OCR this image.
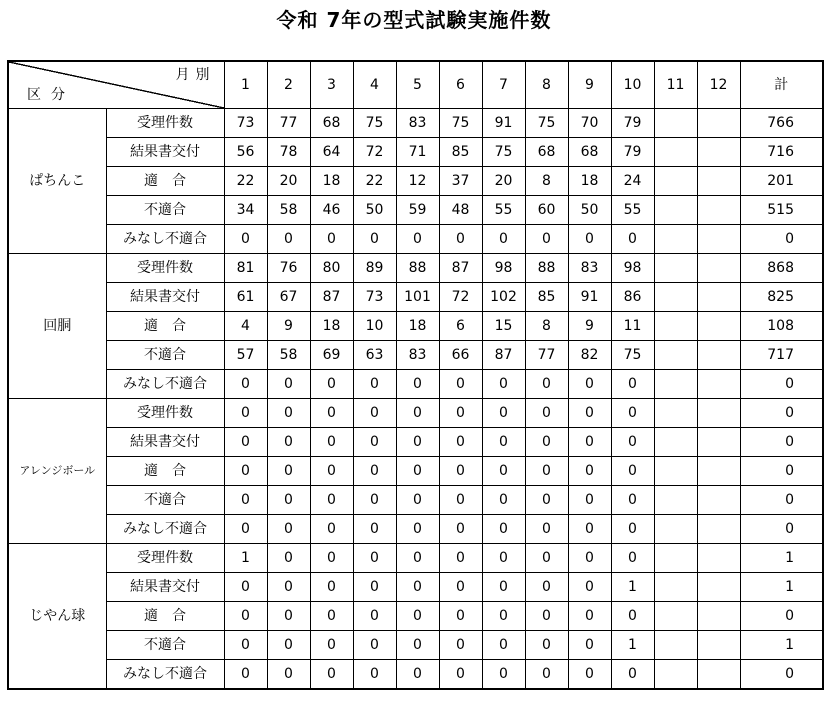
令和 7年の型式試験実施件数
月別
区分		1	2	3	4	5	6	7	8	9	10	11	12	計
ぱちんこ	受理件数	73	77	68	75	83	75	91	75	70	79			766
	結果書交付	56	78	64	72	71	85	75	68	68	79			716
	適　合	22	20	18	22	12	37	20	8	18	24			201
	不適合	34	58	46	50	59	48	55	60	50	55			515
	みなし不適合	0	0	0	0	0	0	0	0	0	0			0
回胴	受理件数	81	76	80	89	88	87	98	88	83	98			868
	結果書交付	61	67	87	73	101	72	102	85	91	86			825
	適　合	4	9	18	10	18	6	15	8	9	11			108
	不適合	57	58	69	63	83	66	87	77	82	75			717
	みなし不適合	0	0	0	0	0	0	0	0	0	0			0
アレンジボール	受理件数	0	0	0	0	0	0	0	0	0	0			0
	結果書交付	0	0	0	0	0	0	0	0	0	0			0
	適　合	0	0	0	0	0	0	0	0	0	0			0
	不適合	0	0	0	0	0	0	0	0	0	0			0
	みなし不適合	0	0	0	0	0	0	0	0	0	0			0
じやん球	受理件数	1	0	0	0	0	0	0	0	0	0			1
	結果書交付	0	0	0	0	0	0	0	0	0	1			1
	適　合	0	0	0	0	0	0	0	0	0	0			0
	不適合	0	0	0	0	0	0	0	0	0	1			1
	みなし不適合	0	0	0	0	0	0	0	0	0	0			0
